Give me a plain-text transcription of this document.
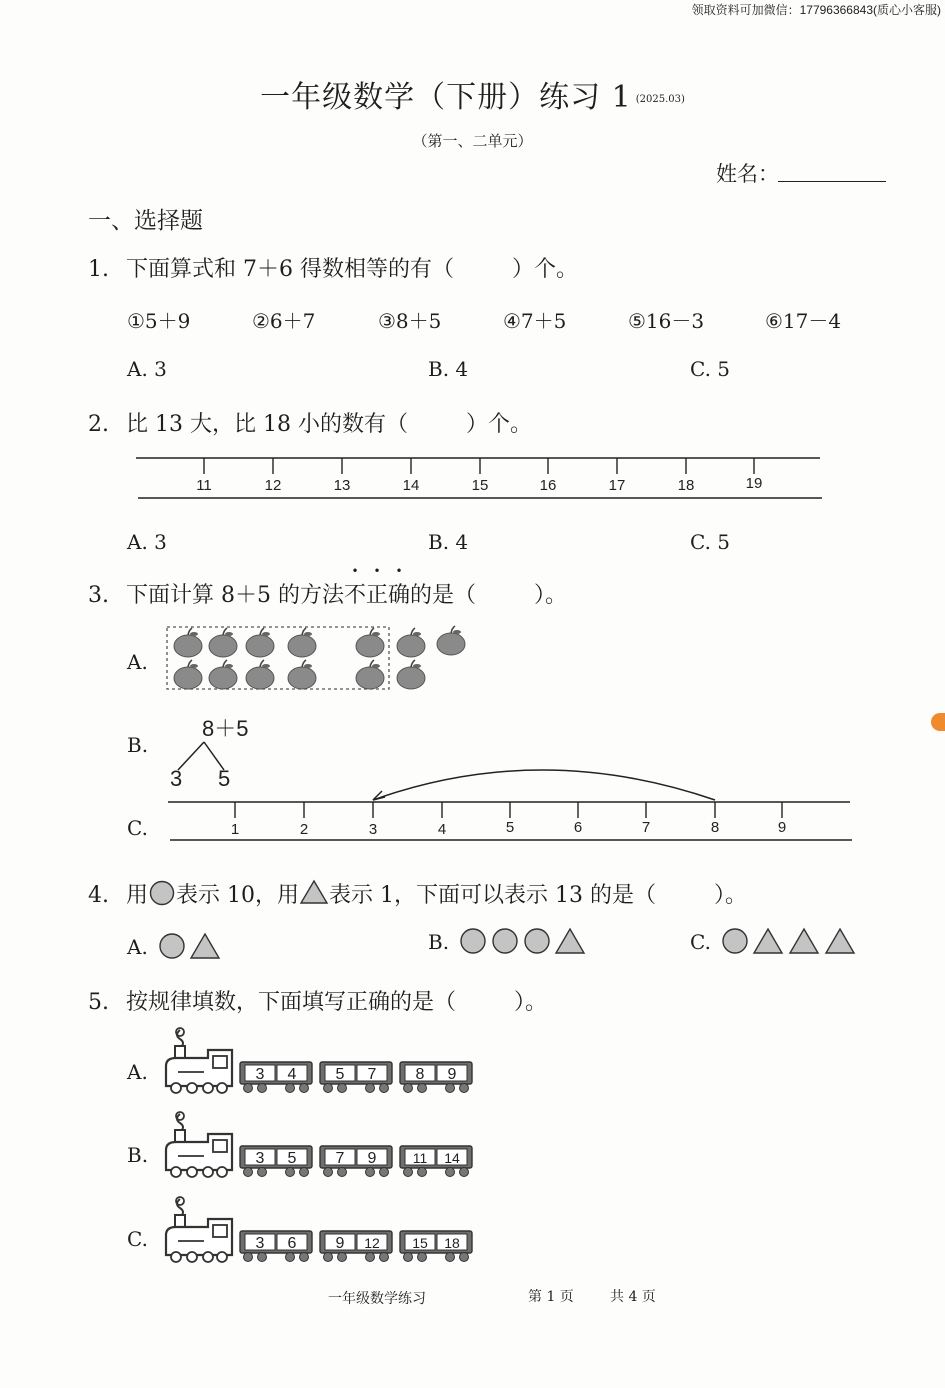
领取资料可加微信：17796366843(质心小客服)
一年级数学（下册）练习 1 (2025.03)
（第一、二单元）
姓名：
一、选择题
1. 下面算式和 7＋6 得数相等的有（	）个。
①5＋9	②6＋7	③8＋5	④7＋5	⑤16－3	⑥17－4
A. 3	B. 4	C. 5
2. 比 13 大，比 18 小的数有（	）个。
11	12	13	14	15	16	17	18	19
A. 3	B. 4	C. 5
3. 下面计算 8＋5 的方法不正确的是（	）。
A.
B.
8＋5
3 5
C.	1	2	3	4	5	6	7	8	9
4. 用 表示 10，用 表示 1，下面可以表示 13 的是（	）。
A.	B.	C.
5. 按规律填数，下面填写正确的是（	）。
A.	3 4 5 7 8 9
B.	3 5 7 9	11 14
C.	3 6 9 12 15 18
一年级数学练习	第 1 页	共 4 页
